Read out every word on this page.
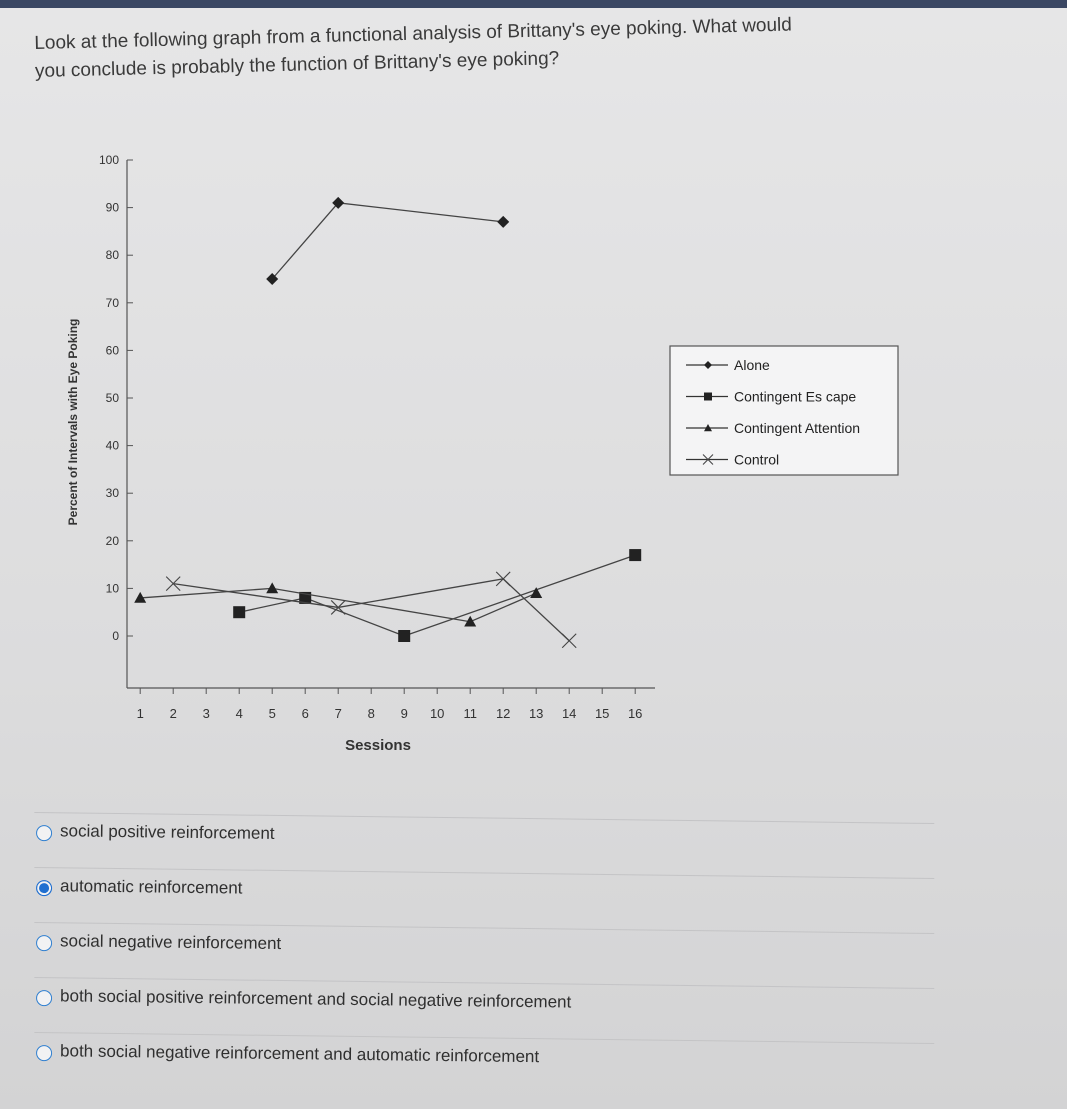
Look at the following graph from a functional analysis of Brittany's eye poking. What would

you conclude is probably the function of Brittany's eye poking?

100
90
80
70
60
50
40
30
20
10
0
Percent of Intervals with Eye Poking
1 2 3 4 5 6 7 8 9 10 11 12 13 14 15 16
Sessions
Alone
Contingent Es cape
Contingent Attention
Control
social positive reinforcement
automatic reinforcement
social negative reinforcement
both social positive reinforcement and social negative reinforcement
both social negative reinforcement and automatic reinforcement
